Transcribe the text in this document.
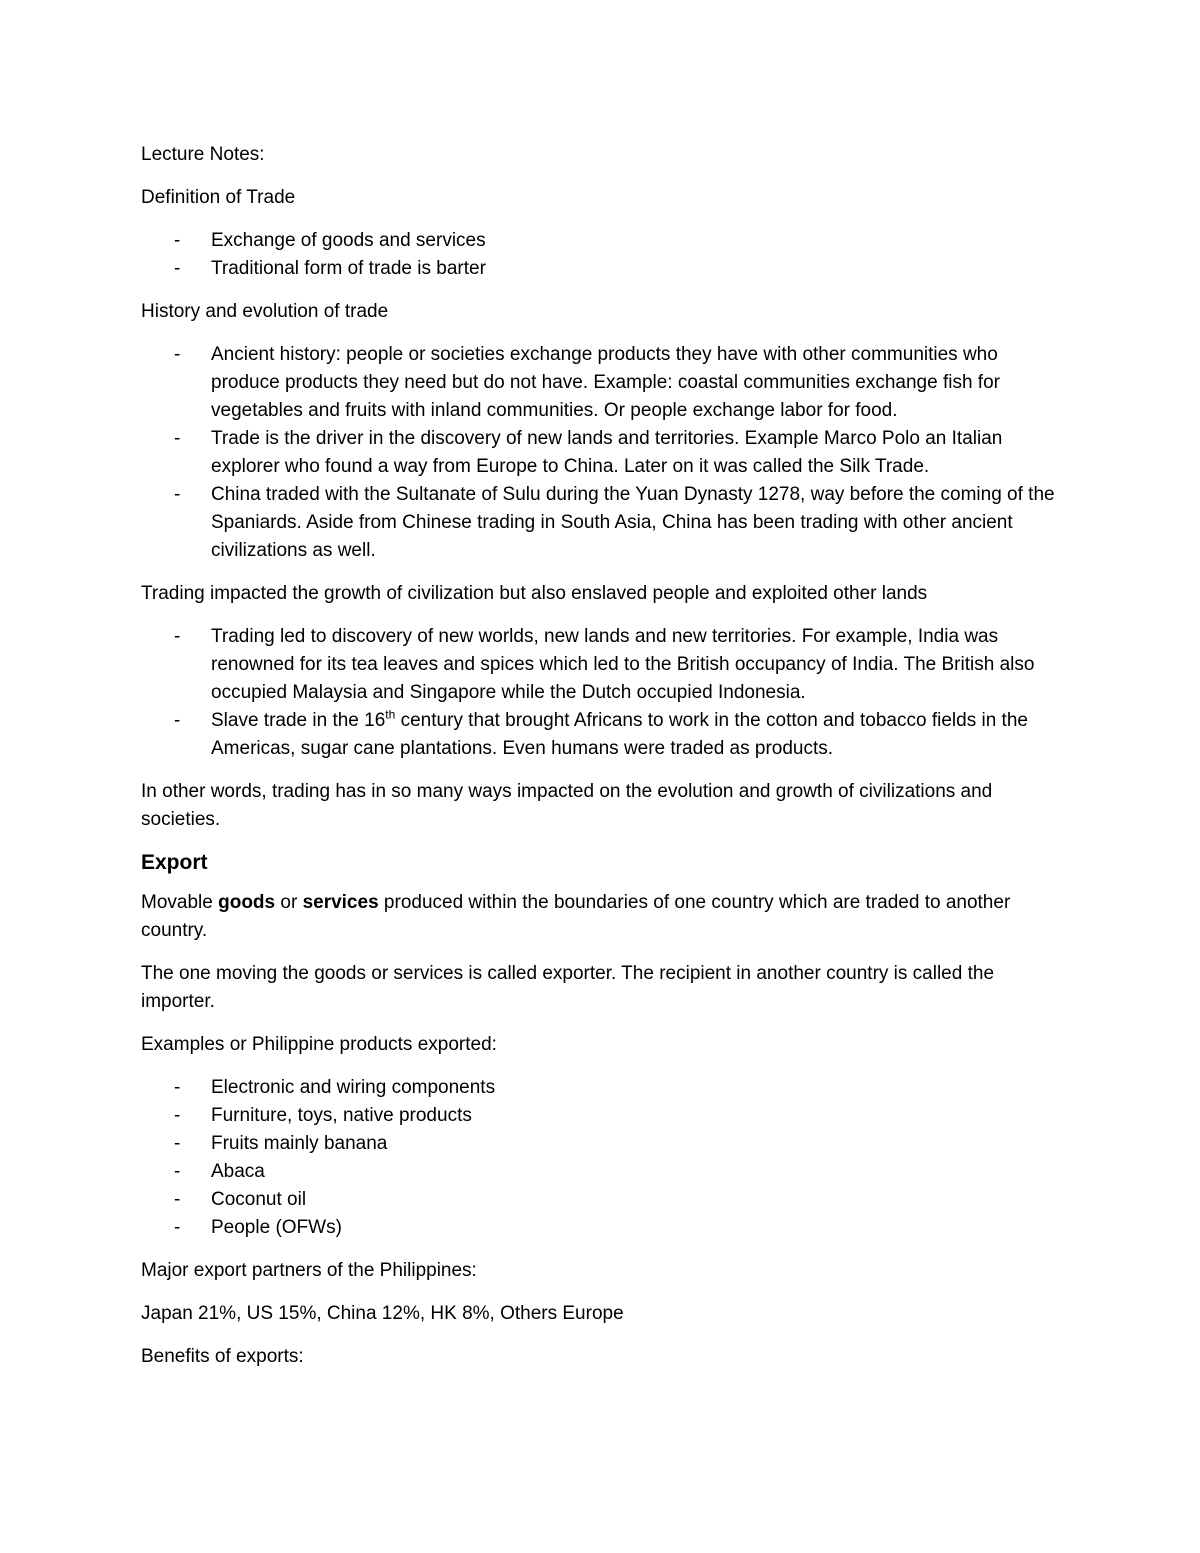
Lecture Notes:

Definition of Trade

- Exchange of goods and services
- Traditional form of trade is barter

History and evolution of trade

- Ancient history: people or societies exchange products they have with other communities who produce products they need but do not have. Example: coastal communities exchange fish for vegetables and fruits with inland communities. Or people exchange labor for food.
- Trade is the driver in the discovery of new lands and territories. Example Marco Polo an Italian explorer who found a way from Europe to China. Later on it was called the Silk Trade.
- China traded with the Sultanate of Sulu during the Yuan Dynasty 1278, way before the coming of the Spaniards. Aside from Chinese trading in South Asia, China has been trading with other ancient civilizations as well.

Trading impacted the growth of civilization but also enslaved people and exploited other lands

- Trading led to discovery of new worlds, new lands and new territories. For example, India was renowned for its tea leaves and spices which led to the British occupancy of India. The British also occupied Malaysia and Singapore while the Dutch occupied Indonesia.
- Slave trade in the 16th century that brought Africans to work in the cotton and tobacco fields in the Americas, sugar cane plantations. Even humans were traded as products.

In other words, trading has in so many ways impacted on the evolution and growth of civilizations and societies.

Export

Movable goods or services produced within the boundaries of one country which are traded to another country.

The one moving the goods or services is called exporter. The recipient in another country is called the importer.

Examples or Philippine products exported:

- Electronic and wiring components
- Furniture, toys, native products
- Fruits mainly banana
- Abaca
- Coconut oil
- People (OFWs)

Major export partners of the Philippines:

Japan 21%, US 15%, China 12%, HK 8%, Others Europe

Benefits of exports:
